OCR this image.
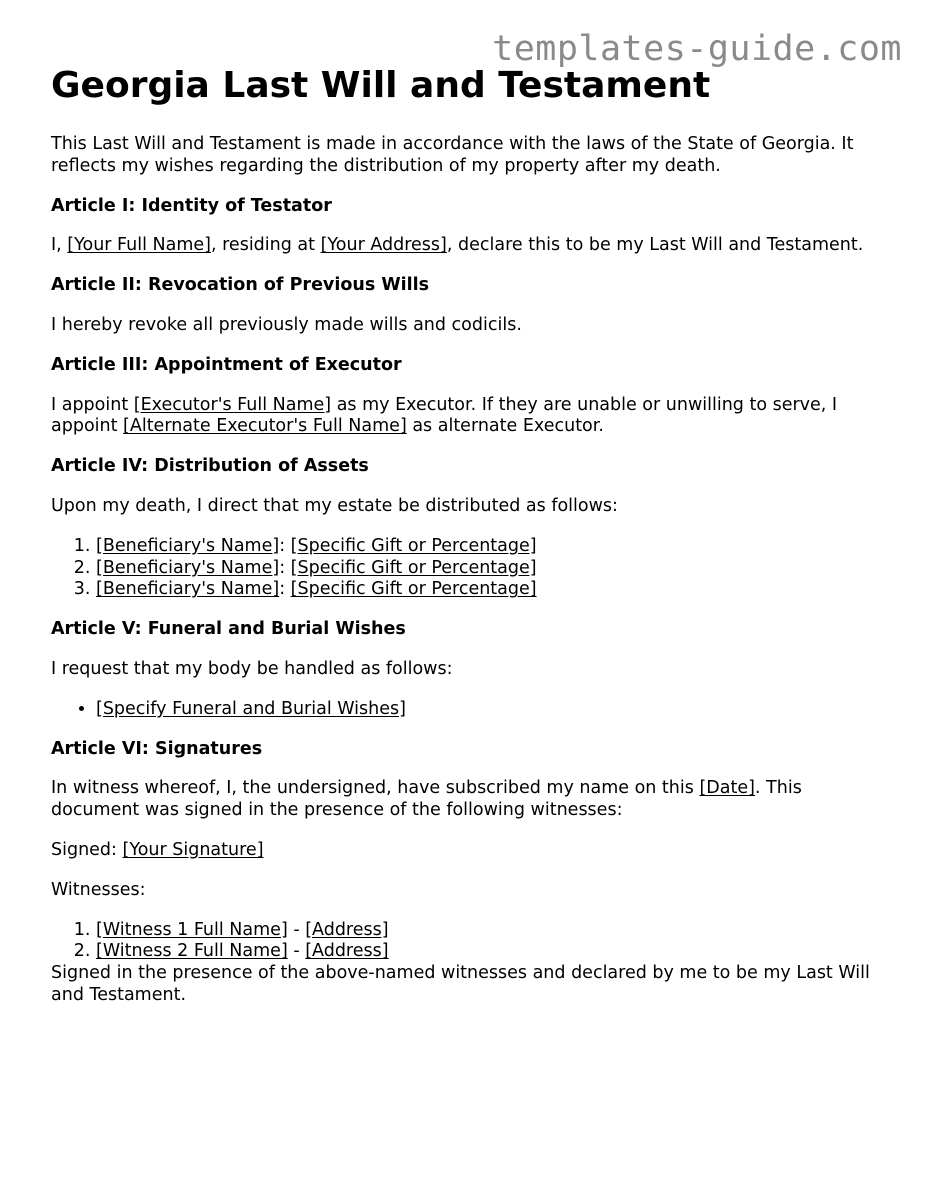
templates-guide.com
Georgia Last Will and Testament

This Last Will and Testament is made in accordance with the laws of the State of Georgia. It reflects my wishes regarding the distribution of my property after my death.

Article I: Identity of Testator

I, [Your Full Name], residing at [Your Address], declare this to be my Last Will and Testament.

Article II: Revocation of Previous Wills

I hereby revoke all previously made wills and codicils.

Article III: Appointment of Executor

I appoint [Executor's Full Name] as my Executor. If they are unable or unwilling to serve, I appoint [Alternate Executor's Full Name] as alternate Executor.

Article IV: Distribution of Assets

Upon my death, I direct that my estate be distributed as follows:

1. [Beneficiary's Name]: [Specific Gift or Percentage]
2. [Beneficiary's Name]: [Specific Gift or Percentage]
3. [Beneficiary's Name]: [Specific Gift or Percentage]
Article V: Funeral and Burial Wishes

I request that my body be handled as follows:

• [Specify Funeral and Burial Wishes]
Article VI: Signatures

In witness whereof, I, the undersigned, have subscribed my name on this [Date]. This document was signed in the presence of the following witnesses:

Signed: [Your Signature]

Witnesses:

1. [Witness 1 Full Name] - [Address]
2. [Witness 2 Full Name] - [Address]

Signed in the presence of the above-named witnesses and declared by me to be my Last Will and Testament.
